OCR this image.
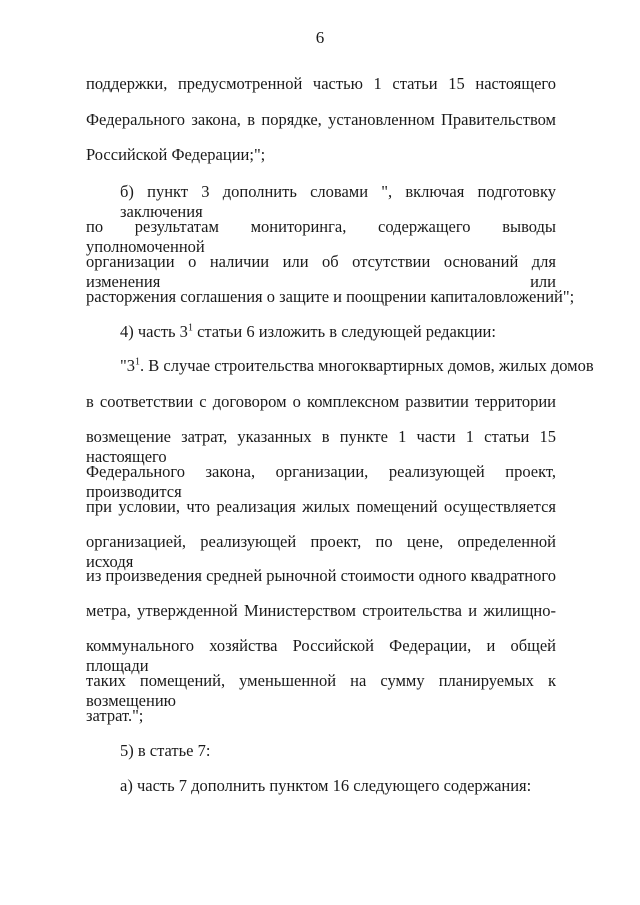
6
поддержки, предусмотренной частью 1 статьи 15 настоящего
Федерального закона, в порядке, установленном Правительством
Российской Федерации;";
б) пункт 3 дополнить словами ", включая подготовку заключения
по результатам мониторинга, содержащего выводы уполномоченной
организации о наличии или об отсутствии оснований для изменения или
расторжения соглашения о защите и поощрении капиталовложений";
4) часть $3^1$ статьи 6 изложить в следующей редакции:
"$3^1$. В случае строительства многоквартирных домов, жилых домов
в соответствии с договором о комплексном развитии территории
возмещение затрат, указанных в пункте 1 части 1 статьи 15 настоящего
Федерального закона, организации, реализующей проект, производится
при условии, что реализация жилых помещений осуществляется
организацией, реализующей проект, по цене, определенной исходя
из произведения средней рыночной стоимости одного квадратного
метра, утвержденной Министерством строительства и жилищно-
коммунального хозяйства Российской Федерации, и общей площади
таких помещений, уменьшенной на сумму планируемых к возмещению
затрат.";
5) в статье 7:
а) часть 7 дополнить пунктом 16 следующего содержания:
